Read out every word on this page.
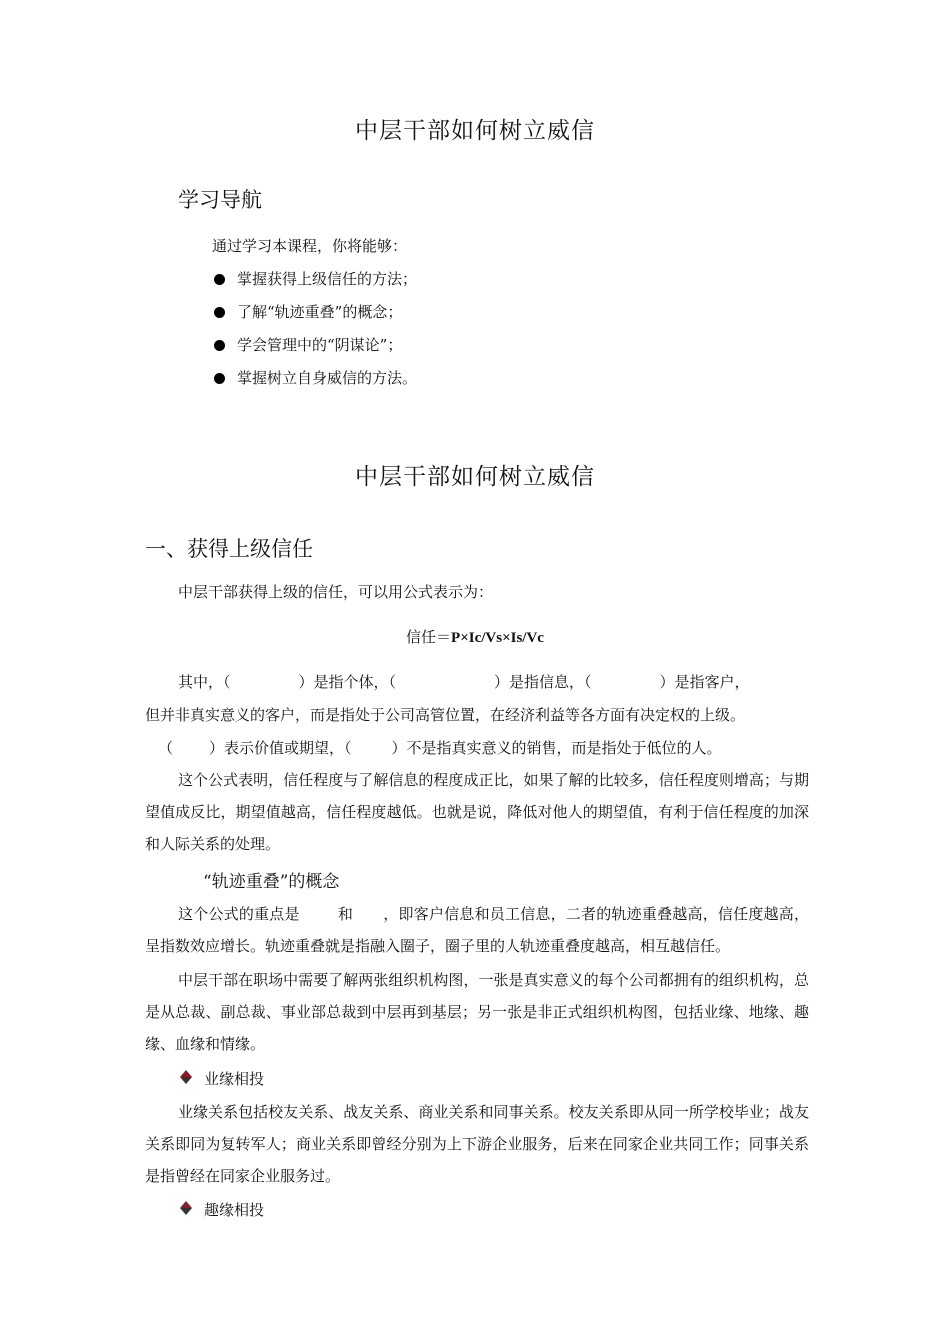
中层干部如何树立威信
学习导航
通过学习本课程，你将能够：
掌握获得上级信任的方法；
了解“轨迹重叠”的概念；
学会管理中的“阴谋论”；
掌握树立自身威信的方法。
中层干部如何树立威信
一、获得上级信任
中层干部获得上级的信任，可以用公式表示为：
信任＝P×Ic/Vs×Is/Vc
其中，（	）是指个体，（	）是指信息，（	）是指客户，
但并非真实意义的客户，而是指处于公司高管位置，在经济利益等各方面有决定权的上级。
（ ）表示价值或期望，（	）不是指真实意义的销售，而是指处于低位的人。
这个公式表明，信任程度与了解信息的程度成正比，如果了解的比较多，信任程度则增高；与期望值成反比，期望值越高，信任程度越低。也就是说，降低对他人的期望值，有利于信任程度的加深和人际关系的处理。
“轨迹重叠”的概念
这个公式的重点是	和 ，即客户信息和员工信息，二者的轨迹重叠越高，信任度越高，呈指数效应增长。轨迹重叠就是指融入圈子，圈子里的人轨迹重叠度越高，相互越信任。
中层干部在职场中需要了解两张组织机构图，一张是真实意义的每个公司都拥有的组织机构，总是从总裁、副总裁、事业部总裁到中层再到基层；另一张是非正式组织机构图，包括业缘、地缘、趣缘、血缘和情缘。
业缘相投
业缘关系包括校友关系、战友关系、商业关系和同事关系。校友关系即从同一所学校毕业；战友关系即同为复转军人；商业关系即曾经分别为上下游企业服务，后来在同家企业共同工作；同事关系是指曾经在同家企业服务过。
趣缘相投
